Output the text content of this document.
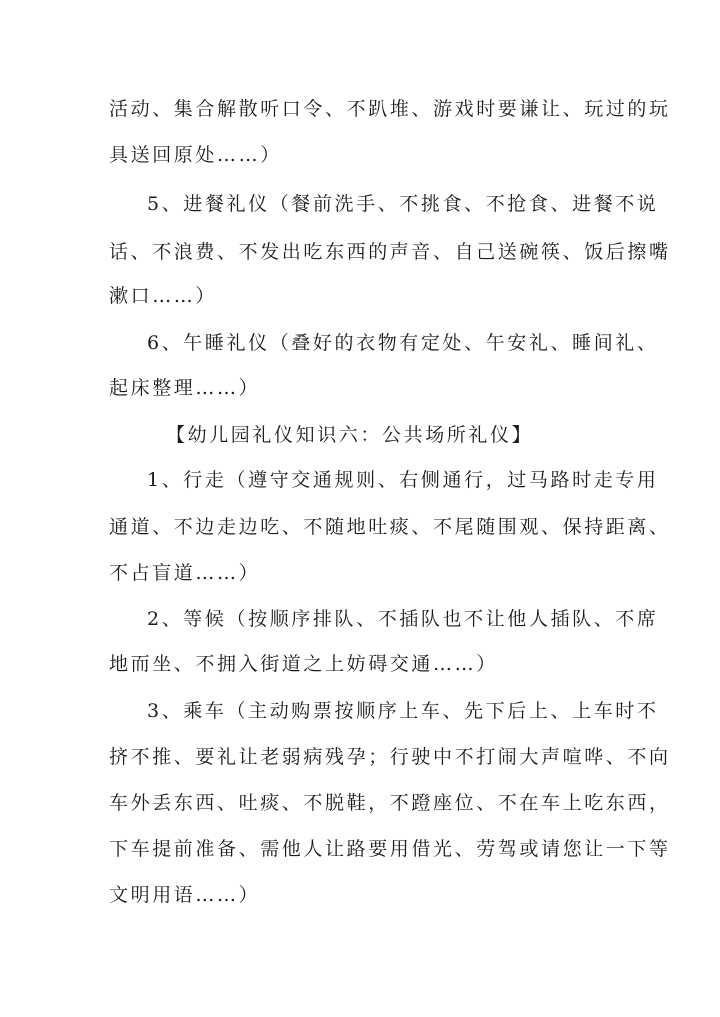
活动、集合解散听口令、不趴堆、游戏时要谦让、玩过的玩
具送回原处……）
5、进餐礼仪（餐前洗手、不挑食、不抢食、进餐不说
话、不浪费、不发出吃东西的声音、自己送碗筷、饭后擦嘴
漱口……）
6、午睡礼仪（叠好的衣物有定处、午安礼、睡间礼、
起床整理……）
【幼儿园礼仪知识六：公共场所礼仪】
1、行走（遵守交通规则、右侧通行，过马路时走专用
通道、不边走边吃、不随地吐痰、不尾随围观、保持距离、
不占盲道……）
2、等候（按顺序排队、不插队也不让他人插队、不席
地而坐、不拥入街道之上妨碍交通……）
3、乘车（主动购票按顺序上车、先下后上、上车时不
挤不推、要礼让老弱病残孕；行驶中不打闹大声喧哗、不向
车外丢东西、吐痰、不脱鞋，不蹬座位、不在车上吃东西，
下车提前准备、需他人让路要用借光、劳驾或请您让一下等
文明用语……）
